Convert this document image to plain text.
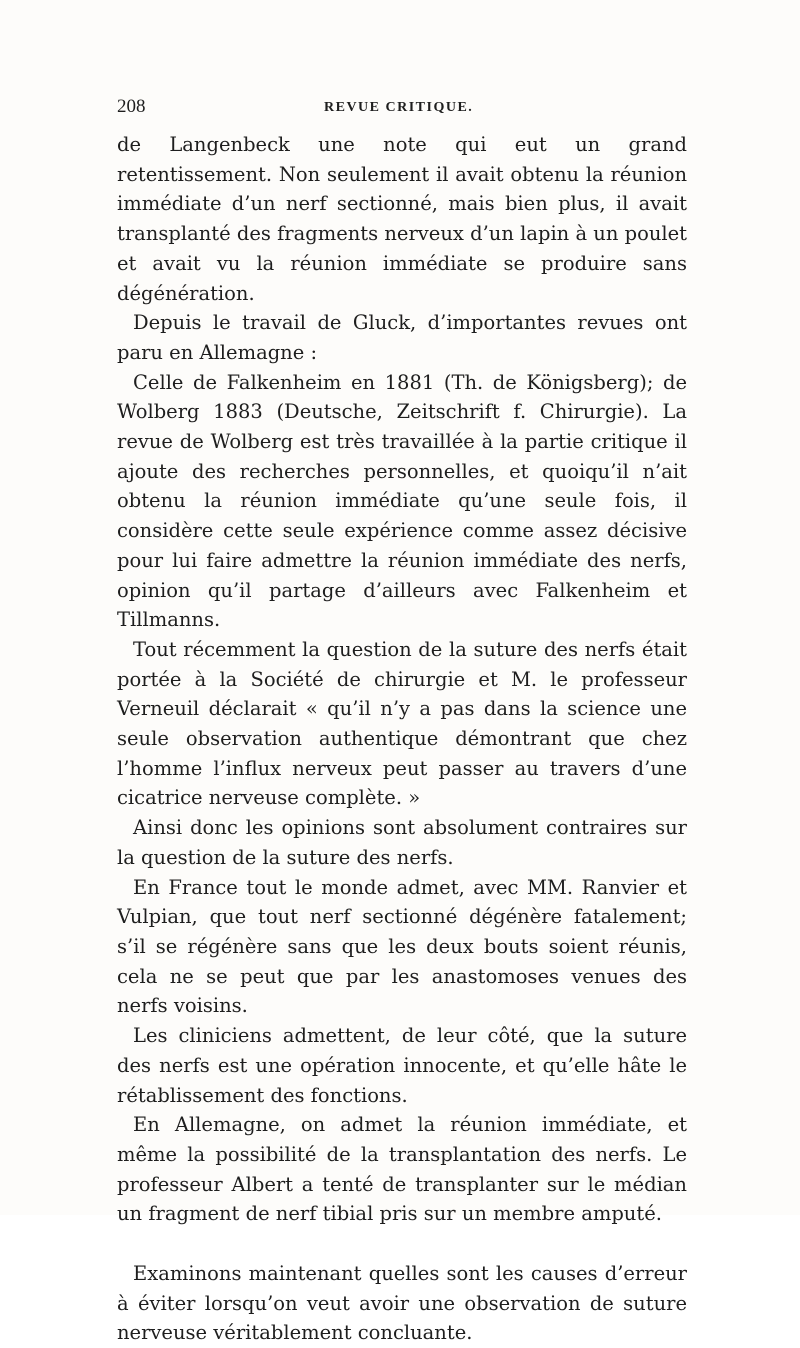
208	REVUE CRITIQUE.

de Langenbeck une note qui eut un grand retentissement. Non seulement il avait obtenu la réunion immédiate d’un nerf sectionné, mais bien plus, il avait transplanté des fragments nerveux d’un lapin à un poulet et avait vu la réunion immédiate se produire sans dégénération.

Depuis le travail de Gluck, d’importantes revues ont paru en Allemagne :

Celle de Falkenheim en 1881 (Th. de Königsberg); de Wolberg 1883 (Deutsche, Zeitschrift f. Chirurgie). La revue de Wolberg est très travaillée à la partie critique il ajoute des recherches personnelles, et quoiqu’il n’ait obtenu la réunion immédiate qu’une seule fois, il considère cette seule expérience comme assez décisive pour lui faire admettre la réunion immédiate des nerfs, opinion qu’il partage d’ailleurs avec Falkenheim et Tillmanns.

Tout récemment la question de la suture des nerfs était portée à la Société de chirurgie et M. le professeur Verneuil déclarait « qu’il n’y a pas dans la science une seule observation authentique démontrant que chez l’homme l’influx nerveux peut passer au travers d’une cicatrice nerveuse complète. »

Ainsi donc les opinions sont absolument contraires sur la question de la suture des nerfs.

En France tout le monde admet, avec MM. Ranvier et Vulpian, que tout nerf sectionné dégénère fatalement; s’il se régénère sans que les deux bouts soient réunis, cela ne se peut que par les anastomoses venues des nerfs voisins.

Les cliniciens admettent, de leur côté, que la suture des nerfs est une opération innocente, et qu’elle hâte le rétablissement des fonctions.

En Allemagne, on admet la réunion immédiate, et même la possibilité de la transplantation des nerfs. Le professeur Albert a tenté de transplanter sur le médian un fragment de nerf tibial pris sur un membre amputé.

Examinons maintenant quelles sont les causes d’erreur à éviter lorsqu’on veut avoir une observation de suture nerveuse véritablement concluante.
